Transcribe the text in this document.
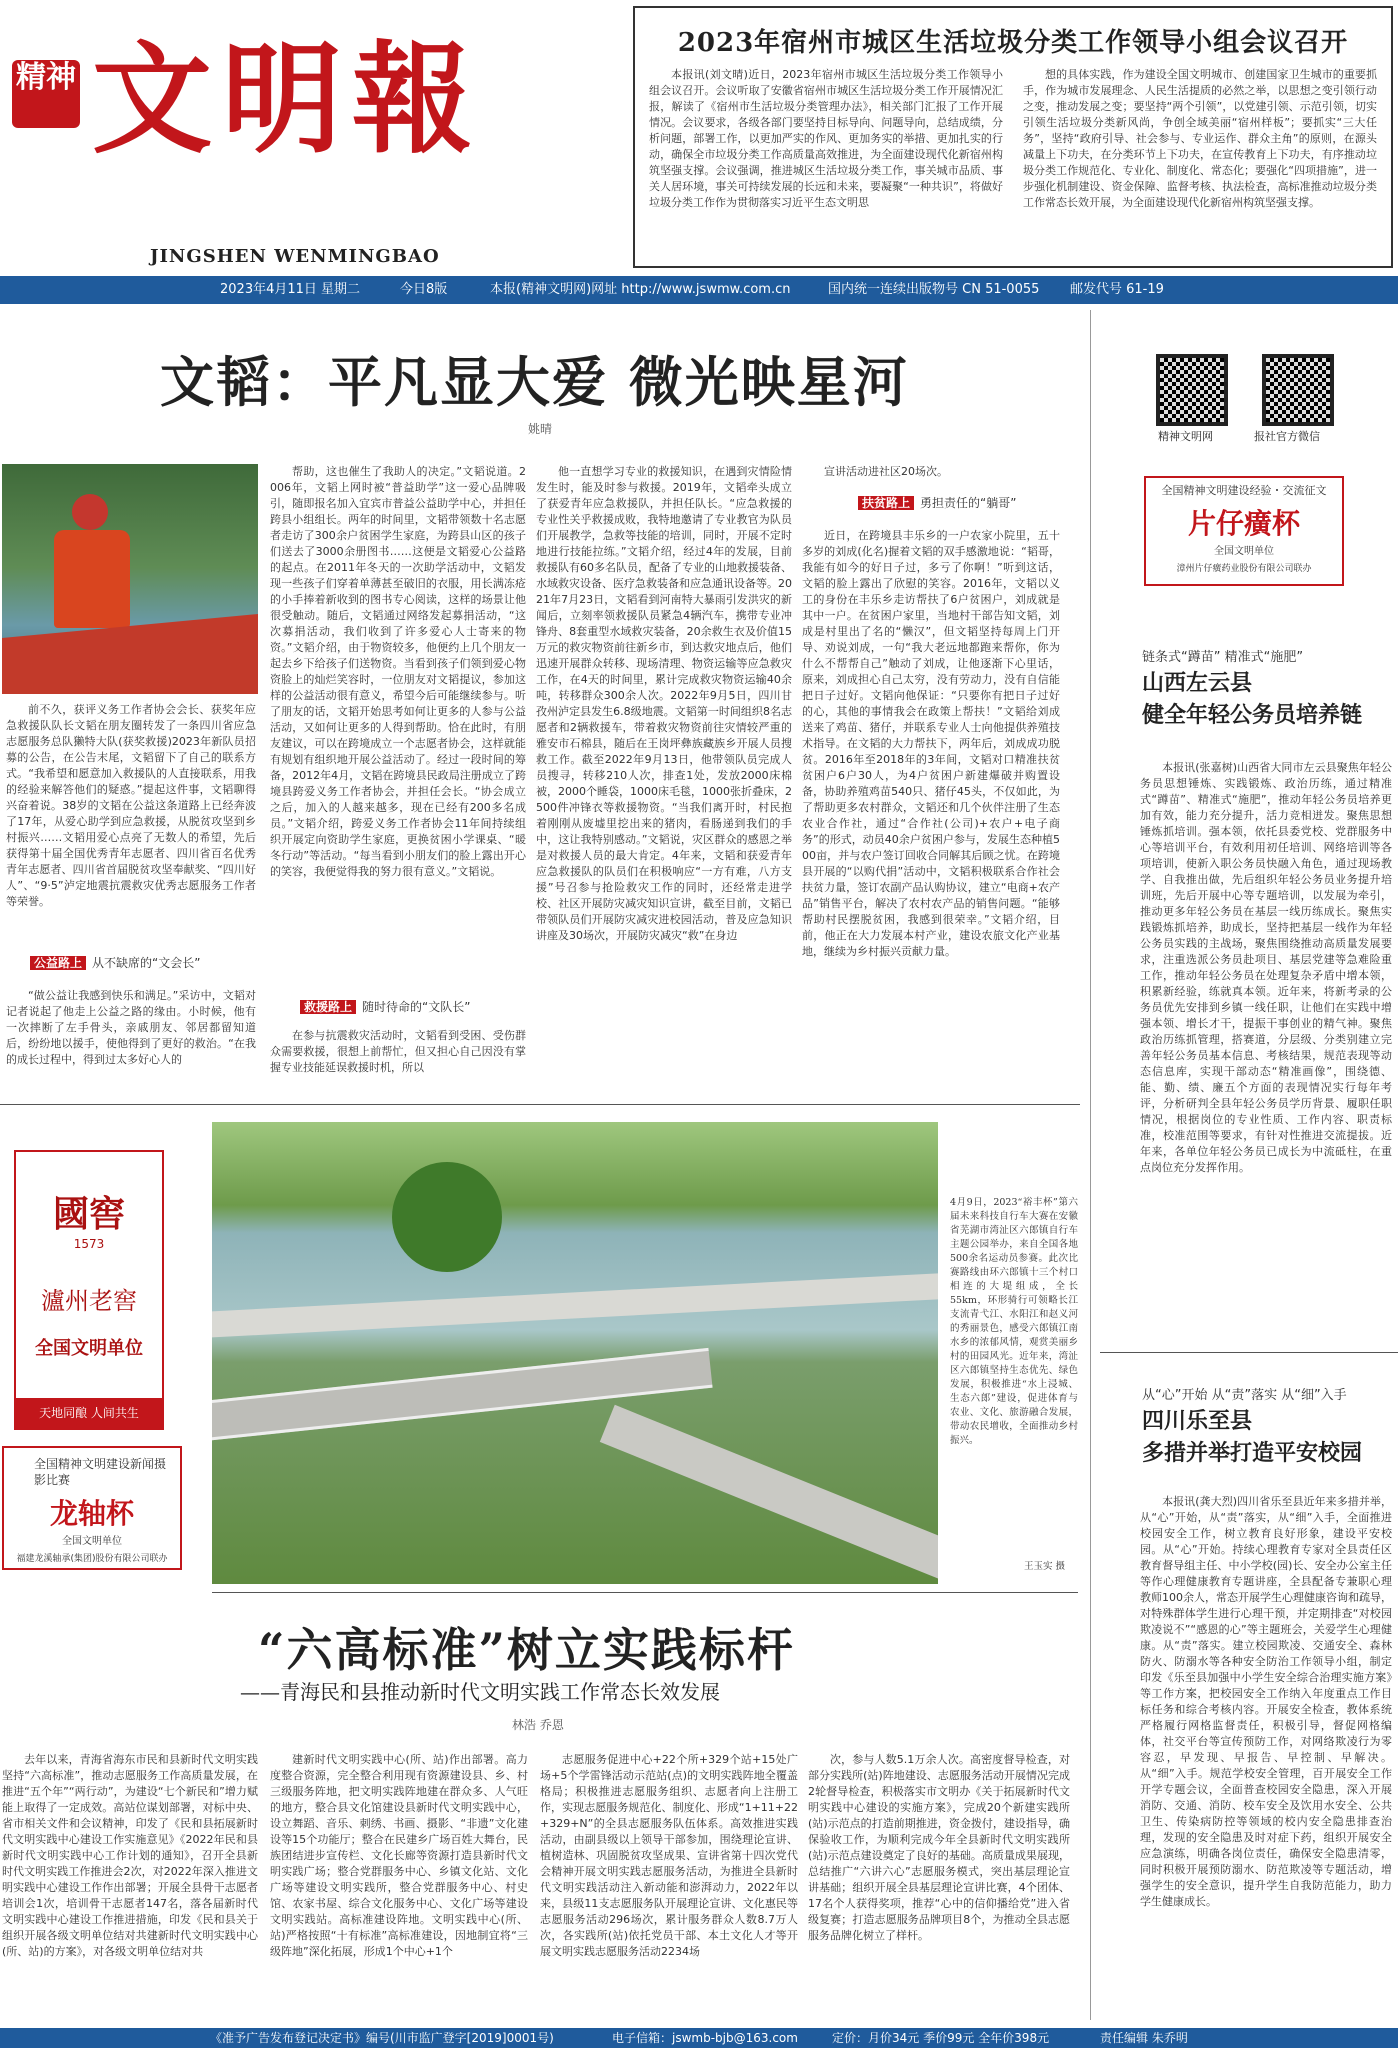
精神 文明報
JINGSHEN WENMINGBAO
2023年宿州市城区生活垃圾分类工作领导小组会议召开

本报讯(刘文晴)近日，2023年宿州市城区生活垃圾分类工作领导小组会议召开。会议听取了安徽省宿州市城区生活垃圾分类工作开展情况汇报，解读了《宿州市生活垃圾分类管理办法》，相关部门汇报了工作开展情况。会议要求，各级各部门要坚持目标导向、问题导向，总结成绩，分析问题，部署工作，以更加严实的作风、更加务实的举措、更加扎实的行动，确保全市垃圾分类工作高质量高效推进，为全面建设现代化新宿州构筑坚强支撑。会议强调，推进城区生活垃圾分类工作，事关城市品质、事关人居环境，事关可持续发展的长远和未来，要凝聚“一种共识”，将做好垃圾分类工作作为贯彻落实习近平生态文明思

想的具体实践，作为建设全国文明城市、创建国家卫生城市的重要抓手，作为城市发展理念、人民生活提质的必然之举，以思想之变引领行动之变，推动发展之变；要坚持“两个引领”，以党建引领、示范引领，切实引领生活垃圾分类新风尚，争创全域美丽“宿州样板”；要抓实“三大任务”，坚持“政府引导、社会参与、专业运作、群众主角”的原则，在源头减量上下功夫，在分类环节上下功夫，在宣传教育上下功夫，有序推动垃圾分类工作规范化、专业化、制度化、常态化；要强化“四项措施”，进一步强化机制建设、资金保障、监督考核、执法检查，高标准推动垃圾分类工作常态长效开展，为全面建设现代化新宿州构筑坚强支撑。

2023年4月11日 星期二	今日8版	本报(精神文明网)网址 http://www.jswmw.com.cn	国内统一连续出版物号 CN 51-0055 邮发代号 61-19
文韬：平凡显大爱 微光映星河
姚晴

前不久，获评义务工作者协会会长、获奖年应急救援队队长文韬在朋友圈转发了一条四川省应急志愿服务总队獭特大队(获奖救援)2023年新队员招募的公告，在公告末尾，文韬留下了自己的联系方式。“我希望和愿意加入救援队的人直接联系，用我的经验来解答他们的疑惑。”提起这件事，文韬聊得兴奋着说。38岁的文韬在公益这条道路上已经奔波了17年，从爱心助学到应急救援，从脱贫攻坚到乡村振兴……文韬用爱心点亮了无数人的希望，先后获得第十届全国优秀青年志愿者、四川省百名优秀青年志愿者、四川省首届脱贫攻坚奉献奖、“四川好人”、“9·5”泸定地震抗震救灾优秀志愿服务工作者等荣誉。

公益路上 从不缺席的“文会长”

“做公益让我感到快乐和满足。”采访中，文韬对记者说起了他走上公益之路的缘由。小时候，他有一次摔断了左手骨头，亲戚朋友、邻居都留知道后，纷纷地以援手，使他得到了更好的救治。“在我的成长过程中，得到过太多好心人的

帮助，这也催生了我助人的决定。”文韬说道。2006年，文韬上网时被“普益助学”这一爱心品牌吸引，随即报名加入宜宾市普益公益助学中心，并担任跨县小组组长。两年的时间里，文韬带领数十名志愿者走访了300余户贫困学生家庭，为跨县山区的孩子们送去了3000余册图书……这便是文韬爱心公益路的起点。在2011年冬天的一次助学活动中，文韬发现一些孩子们穿着单薄甚至破旧的衣服，用长满冻疮的小手捧着新收到的图书专心阅读，这样的场景让他很受触动。随后，文韬通过网络发起募捐活动，“这次募捐活动，我们收到了许多爱心人士寄来的物资。”文韬介绍，由于物资较多，他便约上几个朋友一起去乡下给孩子们送物资。当看到孩子们领到爱心物资脸上的灿烂笑容时，一位朋友对文韬提议，参加这样的公益活动很有意义，希望今后可能继续参与。听了朋友的话，文韬开始思考如何让更多的人参与公益活动，又如何让更多的人得到帮助。恰在此时，有朋友建议，可以在跨境成立一个志愿者协会，这样就能有规划有组织地开展公益活动了。经过一段时间的筹备，2012年4月，文韬在跨境县民政局注册成立了跨境县跨爱义务工作者协会，并担任会长。“协会成立之后，加入的人越来越多，现在已经有200多名成员。”文韬介绍，跨爱义务工作者协会11年间持续组织开展定向资助学生家庭，更换贫困小学课桌、“暖冬行动”等活动。“每当看到小朋友们的脸上露出开心的笑容，我便觉得我的努力很有意义。”文韬说。

救援路上 随时待命的“文队长”

在参与抗震救灾活动时，文韬看到受困、受伤群众需要救援，很想上前帮忙，但又担心自己因没有掌握专业技能延误救援时机，所以

他一直想学习专业的救援知识，在遇到灾情险情发生时，能及时参与救援。2019年，文韬牵头成立了获爱青年应急救援队，并担任队长。“应急救援的专业性关乎救援成败，我特地邀请了专业教官为队员们开展教学，急救等技能的培训，同时，开展不定时地进行技能拉练。”文韬介绍，经过4年的发展，目前救援队有60多名队员，配备了专业的山地救援装备、水域救灾设备、医疗急救装备和应急通讯设备等。2021年7月23日，文韬看到河南特大暴雨引发洪灾的新闻后，立刻率领救援队员紧急4辆汽车，携带专业冲锋舟、8套重型水域救灾装备，20余救生衣及价值15万元的救灾物资前往新乡市，到达救灾地点后，他们迅速开展群众转移、现场清理、物资运输等应急救灾工作，在4天的时间里，累计完成救灾物资运输40余吨，转移群众300余人次。2022年9月5日，四川甘孜州泸定县发生6.8级地震。文韬第一时间组织8名志愿者和2辆救援车，带着救灾物资前往灾情较严重的雅安市石棉县，随后在王岗坪彝族藏族乡开展人员搜救工作。截至2022年9月13日，他带领队员完成人员搜寻，转移210人次，排查1处，发放2000床棉被，2000个睡袋，1000床毛毯，1000张折叠床，2500件冲锋衣等救援物资。“当我们离开时，村民抱着刚刚从废墟里挖出来的猪肉，看肠递到我们的手中，这让我特别感动。”文韬说，灾区群众的感恩之举是对救援人员的最大肯定。4年来，文韬和获爱青年应急救援队的队员们在积极响应“一方有难，八方支援”号召参与抢险救灾工作的同时，还经常走进学校、社区开展防灾减灾知识宣讲，截至目前，文韬已带领队员们开展防灾减灾进校园活动，普及应急知识讲座及30场次，开展防灾减灾“救”在身边

宣讲活动进社区20场次。

扶贫路上 勇担责任的“躺哥”

近日，在跨境县丰乐乡的一户农家小院里，五十多岁的刘成(化名)握着文韬的双手感激地说：“韬哥，我能有如今的好日子过，多亏了你啊！”听到这话，文韬的脸上露出了欣慰的笑容。2016年，文韬以义工的身份在丰乐乡走访帮扶了6户贫困户，刘成就是其中一户。在贫困户家里，当地村干部告知文韬，刘成是村里出了名的“懒汉”，但文韬坚持每周上门开导、劝说刘成，一句“我大老远地都跑来帮你，你为什么不帮帮自己”触动了刘成，让他逐渐下心里话，原来，刘成担心自己太穷，没有劳动力，没有自信能把日子过好。文韬向他保证：“只要你有把日子过好的心，其他的事情我会在政策上帮扶！”文韬给刘成送来了鸡苗、猪仔，并联系专业人士向他提供养殖技术指导。在文韬的大力帮扶下，两年后，刘成成功脱贫。2016年至2018年的3年间，文韬对口精准扶贫贫困户6户30人，为4户贫困户新建爆破并购置设备，协助养殖鸡苗540只、猪仔45头，不仅如此，为了帮助更多农村群众，文韬还和几个伙伴注册了生态农业合作社，通过“合作社(公司)+农户+电子商务”的形式，动员40余户贫困户参与，发展生态种植500亩，并与农户签订回收合同解其后顾之忧。在跨境县开展的“以购代捐”活动中，文韬积极联系合作社会扶贫力量，签订农副产品认购协议，建立“电商+农产品”销售平台，解决了农村农产品的销售问题。“能够帮助村民摆脱贫困，我感到很荣幸。”文韬介绍，目前，他正在大力发展本村产业，建设农旅文化产业基地，继续为乡村振兴贡献力量。

4月9日，2023“裕丰杯”第六届未来科技自行车大赛在安徽省芜湖市湾沚区六郎镇自行车主题公园举办，来自全国各地500余名运动员参赛。此次比赛路线由环六郎镇十三个村口相连的大堤组成，全长55km，环形骑行可领略长江支流青弋江、水阳江和赵义河的秀丽景色，感受六郎镇江南水乡的浓郁风情，观赏美丽乡村的田园风光。近年来，湾沚区六郎镇坚持生态优先、绿色发展，积极推进“水上浸城、生态六郎”建设，促进体育与农业、文化、旅游融合发展，带动农民增收，全面推动乡村振兴。
王玉实 摄
“六高标准”树立实践标杆
——青海民和县推动新时代文明实践工作常态长效发展
林浩 乔恩

去年以来，青海省海东市民和县新时代文明实践坚持“六高标准”，推动志愿服务工作高质量发展，在推进“五个年”“两行动”，为建设“七个新民和”增力赋能上取得了一定成效。高站位谋划部署，对标中央、省市相关文件和会议精神，印发了《民和县拓展新时代文明实践中心建设工作实施意见》《2022年民和县新时代文明实践中心工作计划的通知》，召开全县新时代文明实践工作推进会2次，对2022年深入推进文明实践中心建设工作作出部署；开展全县骨干志愿者培训会1次，培训骨干志愿者147名，落各届新时代文明实践中心建设工作推进措施，印发《民和县关于组织开展各级文明单位结对共建新时代文明实践中心(所、站)的方案》，对各级文明单位结对共

建新时代文明实践中心(所、站)作出部署。高力度整合资源，完全整合利用现有资源建设县、乡、村三级服务阵地，把文明实践阵地建在群众多、人气旺的地方，整合县文化馆建设县新时代文明实践中心，设立舞蹈、音乐、刺绣、书画、摄影、“非遗”文化建设等15个功能厅；整合在民建乡广场百姓大舞台，民族团结进步宣传栏、文化长廊等资源打造县新时代文明实践广场；整合党群服务中心、乡镇文化站、文化广场等建设文明实践所，整合党群服务中心、村史馆、农家书屋、综合文化服务中心、文化广场等建设文明实践站。高标准建设阵地。文明实践中心(所、站)严格按照“十有标准”高标准建设，因地制宜将“三级阵地”深化拓展，形成1个中心+1个

志愿服务促进中心+22个所+329个站+15处广场+5个学雷锋活动示范站(点)的文明实践阵地全覆盖格局；积极推进志愿服务组织、志愿者向上注册工作，实现志愿服务规范化、制度化、形成“1+11+22+329+N”的全县志愿服务队伍体系。高效推进实践活动，由副县级以上领导干部参加，围绕理论宣讲、植树造林、巩固脱贫攻坚成果、宣讲省第十四次党代会精神开展文明实践志愿服务活动，为推进全县新时代文明实践活动注入新动能和澎湃动力，2022年以来，县级11支志愿服务队开展理论宣讲、文化惠民等志愿服务活动296场次，累计服务群众人数8.7万人次，各实践所(站)依托党员干部、本土文化人才等开展文明实践志愿服务活动2234场

次，参与人数5.1万余人次。高密度督导检查，对部分实践所(站)阵地建设、志愿服务活动开展情况完成2轮督导检查，积极落实市文明办《关于拓展新时代文明实践中心建设的实施方案》，完成20个新建实践所(站)示范点的打造前期推进，资金拨付，建设指导，确保验收工作，为顺利完成今年全县新时代文明实践所(站)示范点建设奠定了良好的基础。高质量成果展现，总结推广“六讲六心”志愿服务模式，突出基层理论宣讲基础；组织开展全县基层理论宣讲比赛，4个团体、17名个人获得奖项，推荐“心中的信仰播给党”进入省级复赛；打造志愿服务品牌项目8个，为推动全县志愿服务品牌化树立了样杆。

國窖
1573
瀘州老窖
全国文明单位
天地同酿 人间共生
全国精神文明建设新闻摄影比赛
龙轴杯
全国文明单位
福建龙溪轴承(集团)股份有限公司联办
精神文明网	报社官方微信
全国精神文明建设经验・交流征文
片仔癀杯
全国文明单位
漳州片仔癀药业股份有限公司联办
链条式“蹲苗” 精准式“施肥”
山西左云县
健全年轻公务员培养链

本报讯(张嘉树)山西省大同市左云县聚焦年轻公务员思想锤炼、实践锻炼、政治历练，通过精准式“蹲苗”、精准式“施肥”，推动年轻公务员培养更加有效，能力充分提升，活力竞相迸发。聚焦思想锤炼抓培训。强本领，依托县委党校、党群服务中心等培训平台，有效利用初任培训、网络培训等各项培训，使新入职公务员快融入角色，通过现场教学、自我推出做，先后组织年轻公务员业务提升培训班，先后开展中心等专题培训，以发展为牵引，推动更多年轻公务员在基层一线历练成长。聚焦实践锻炼抓培养，助成长，坚持把基层一线作为年轻公务员实践的主战场，聚焦围绕推动高质量发展要求，注重选派公务员赴项目、基层党建等急难险重工作，推动年轻公务员在处理复杂矛盾中增本领，积累新经验，练就真本领。近年来，将新考录的公务员优先安排到乡镇一线任职，让他们在实践中增强本领、增长才干，提振干事创业的精气神。聚焦政治历练抓管理，搭赛道，分层级、分类别建立完善年轻公务员基本信息、考核结果，规范表现等动态信息库，实现干部动态“精准画像”，围绕德、能、勤、绩、廉五个方面的表现情况实行每年考评，分析研判全县年轻公务员学历背景、履职任职情况，根据岗位的专业性质、工作内容、职责标准，校准范围等要求，有针对性推进交流提拔。近年来，各单位年轻公务员已成长为中流砥柱，在重点岗位充分发挥作用。

从“心”开始 从“责”落实 从“细”入手
四川乐至县
多措并举打造平安校园

本报讯(龚大烈)四川省乐至县近年来多措并举，从“心”开始，从“责”落实，从“细”入手，全面推进校园安全工作，树立教育良好形象，建设平安校园。从“心”开始。持续心理教育专家对全县责任区教育督导组主任、中小学校(园)长、安全办公室主任等作心理健康教育专题讲座，全县配备专兼职心理教师100余人，常态开展学生心理健康咨询和疏导，对特殊群体学生进行心理干预，并定期排查“对校园欺凌说不”“感恩的心”等主题班会，关爱学生心理健康。从“责”落实。建立校园欺凌、交通安全、森林防火、防溺水等各种安全防治工作领导小组，制定印发《乐至县加强中小学生安全综合治理实施方案》等工作方案，把校园安全工作纳入年度重点工作目标任务和综合考核内容。开展安全检查，教体系统严格履行网格监督责任，积极引导，督促网格编体，社交平台等宣传预防工作，对网络欺凌行为零容忍，早发现、早报告、早控制、早解决。从“细”入手。规范学校安全管理，百开展安全工作开学专题会议，全面普查校园安全隐患，深入开展消防、交通、消防、校车安全及饮用水安全、公共卫生、传染病防控等领域的校内安全隐患排查治理，发现的安全隐患及时对症下药，组织开展安全应急演练，明确各岗位责任，确保安全隐患清零，同时积极开展预防溺水、防范欺凌等专题活动，增强学生的安全意识，提升学生自我防范能力，助力学生健康成长。

《准予广告发布登记决定书》编号(川市监广登字[2019]0001号)	电子信箱：jswmb-bjb@163.com	定价：月价34元 季价99元 全年价398元	责任编辑 朱乔明
